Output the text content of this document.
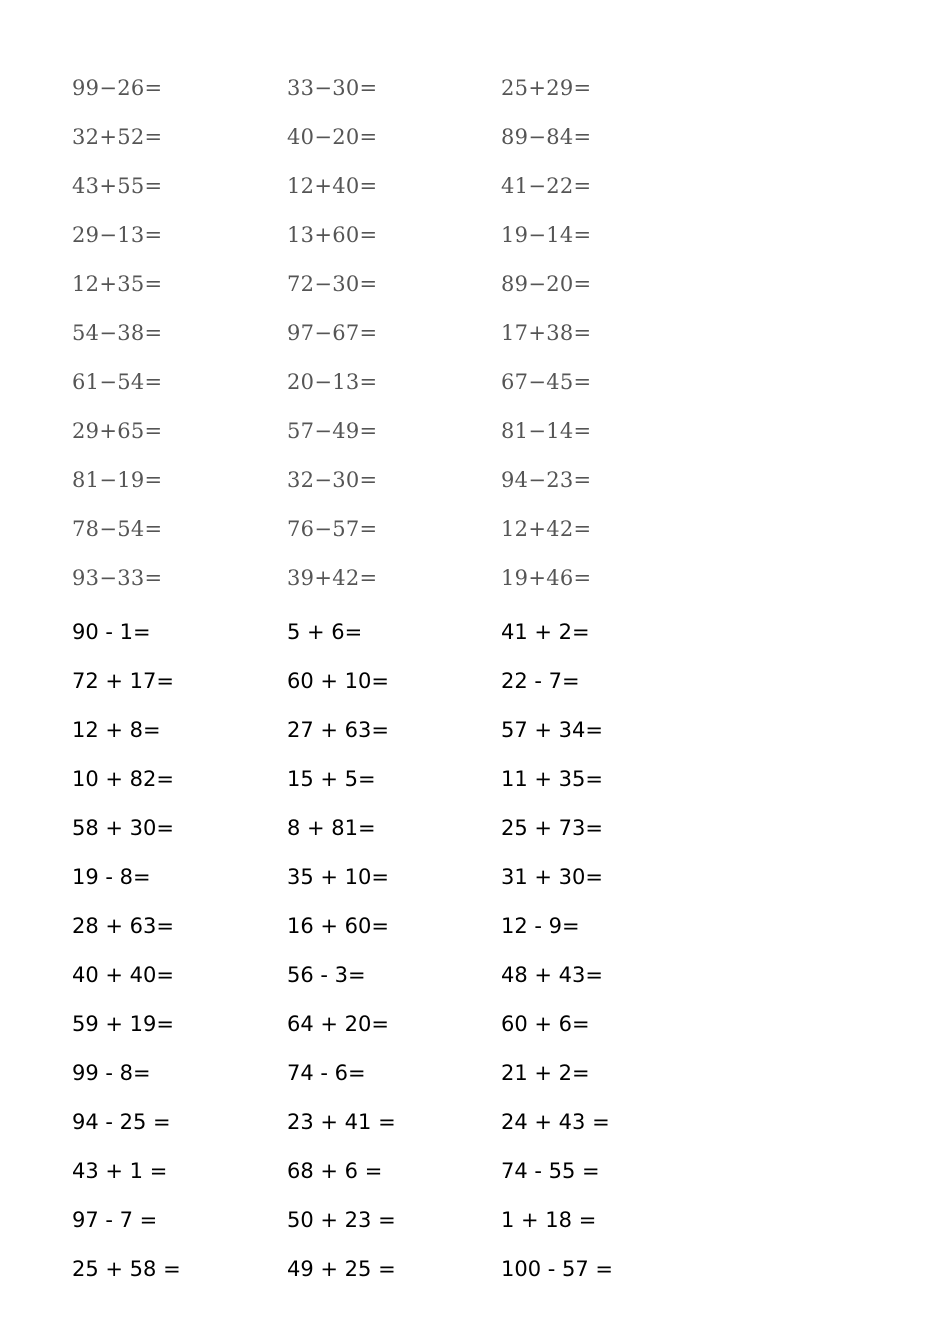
99−26=	33−30=	25+29=
32+52=	40−20=	89−84=
43+55=	12+40=	41−22=
29−13=	13+60=	19−14=
12+35=	72−30=	89−20=
54−38=	97−67=	17+38=
61−54=	20−13=	67−45=
29+65=	57−49=	81−14=
81−19=	32−30=	94−23=
78−54=	76−57=	12+42=
93−33=	39+42=	19+46=
90 - 1=	5 + 6=	41 + 2=
72 + 17=	60 + 10=	22 - 7=
12 + 8=	27 + 63=	57 + 34=
10 + 82=	15 + 5=	11 + 35=
58 + 30=	8 + 81=	25 + 73=
19 - 8=	35 + 10=	31 + 30=
28 + 63=	16 + 60=	12 - 9=
40 + 40=	56 - 3=	48 + 43=
59 + 19=	64 + 20=	60 + 6=
99 - 8=	74 - 6=	21 + 2=
94 - 25 =	23 + 41 =	24 + 43 =
43 + 1 =	68 + 6 =	74 - 55 =
97 - 7 =	50 + 23 =	1 + 18 =
25 + 58 =	49 + 25 =	100 - 57 =
